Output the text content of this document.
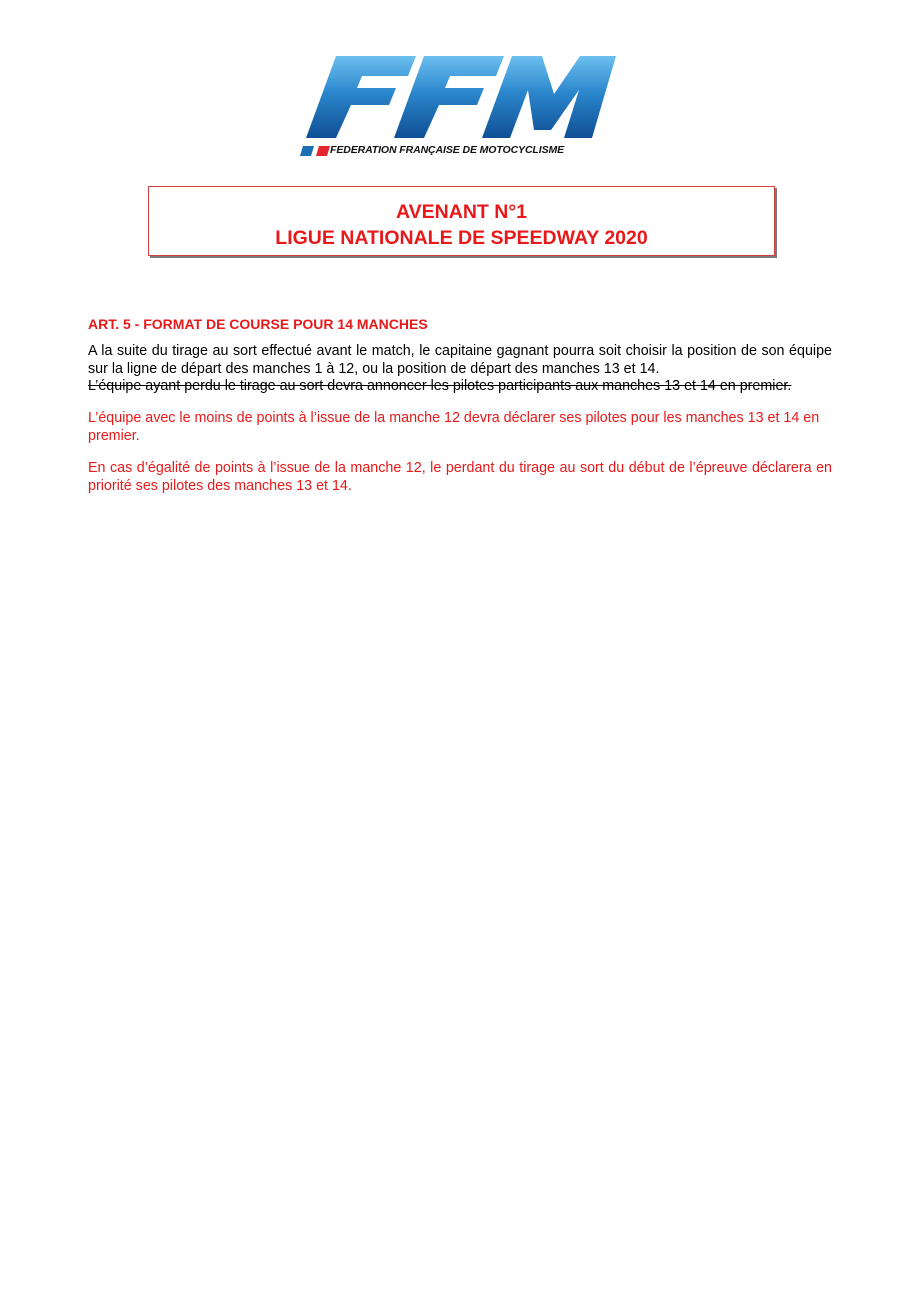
FEDERATION FRANÇAISE DE MOTOCYCLISME
AVENANT N°1
LIGUE NATIONALE DE SPEEDWAY 2020
ART. 5 - FORMAT DE COURSE POUR 14 MANCHES
A la suite du tirage au sort effectué avant le match, le capitaine gagnant pourra soit choisir la position de son équipe sur la ligne de départ des manches 1 à 12, ou la position de départ des manches 13 et 14.
L’équipe ayant perdu le tirage au sort devra annoncer les pilotes participants aux manches 13 et 14 en premier.
L’équipe avec le moins de points à l’issue de la manche 12 devra déclarer ses pilotes pour les manches 13 et 14 en premier.
En cas d’égalité de points à l’issue de la manche 12, le perdant du tirage au sort du début de l’épreuve déclarera en priorité ses pilotes des manches 13 et 14.
